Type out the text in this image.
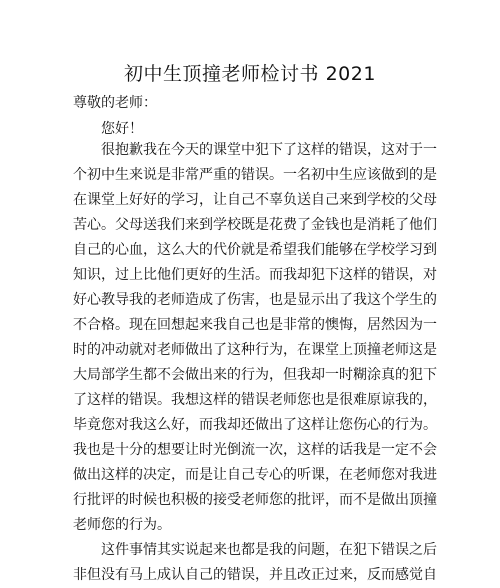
初中生顶撞老师检讨书 2021
尊敬的老师：
您好！
很抱歉我在今天的课堂中犯下了这样的错误，这对于一
个初中生来说是非常严重的错误。一名初中生应该做到的是
在课堂上好好的学习，让自己不辜负送自己来到学校的父母
苦心。父母送我们来到学校既是花费了金钱也是消耗了他们
自己的心血，这么大的代价就是希望我们能够在学校学习到
知识，过上比他们更好的生活。而我却犯下这样的错误，对
好心教导我的老师造成了伤害，也是显示出了我这个学生的
不合格。现在回想起来我自己也是非常的懊悔，居然因为一
时的冲动就对老师做出了这种行为，在课堂上顶撞老师这是
大局部学生都不会做出来的行为，但我却一时糊涂真的犯下
了这样的错误。我想这样的错误老师您也是很难原谅我的，
毕竟您对我这么好，而我却还做出了这样让您伤心的行为。
我也是十分的想要让时光倒流一次，这样的话我是一定不会
做出这样的决定，而是让自己专心的听课，在老师您对我进
行批评的时候也积极的接受老师您的批评，而不是做出顶撞
老师您的行为。
这件事情其实说起来也都是我的问题，在犯下错误之后
非但没有马上成认自己的错误，并且改正过来，反而感觉自
